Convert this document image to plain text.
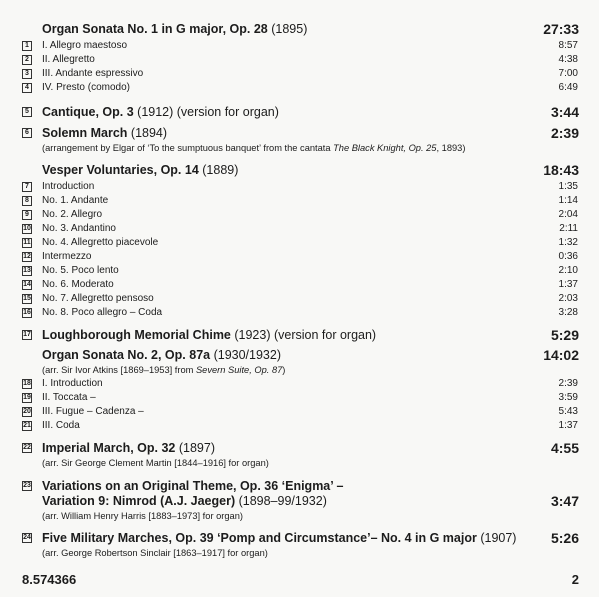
Organ Sonata No. 1 in G major, Op. 28 (1895)	27:33
1	I. Allegro maestoso	8:57
2	II. Allegretto	4:38
3	III. Andante espressivo	7:00
4	IV. Presto (comodo)	6:49
5 Cantique, Op. 3 (1912) (version for organ)	3:44
6 Solemn March (1894)	2:39
(arrangement by Elgar of ‘To the sumptuous banquet’ from the cantata The Black Knight, Op. 25, 1893)
Vesper Voluntaries, Op. 14 (1889)	18:43
7	Introduction	1:35
8	No. 1. Andante	1:14
9	No. 2. Allegro	2:04
10 No. 3. Andantino	2:11
11 No. 4. Allegretto piacevole	1:32
12 Intermezzo	0:36
13 No. 5. Poco lento	2:10
14 No. 6. Moderato	1:37
15 No. 7. Allegretto pensoso	2:03
16 No. 8. Poco allegro – Coda	3:28
17 Loughborough Memorial Chime (1923) (version for organ)	5:29
Organ Sonata No. 2, Op. 87a (1930/1932)	14:02
(arr. Sir Ivor Atkins [1869–1953] from Severn Suite, Op. 87)
18 I. Introduction	2:39
19 II. Toccata –	3:59
20 III. Fugue – Cadenza –	5:43
21 III. Coda	1:37
22 Imperial March, Op. 32 (1897)	4:55
(arr. Sir George Clement Martin [1844–1916] for organ)
23 Variations on an Original Theme, Op. 36 ‘Enigma’ –
Variation 9: Nimrod (A.J. Jaeger) (1898–99/1932)	3:47
(arr. William Henry Harris [1883–1973] for organ)
24 Five Military Marches, Op. 39 ‘Pomp and Circumstance’– No. 4 in G major (1907) 5:26
(arr. George Robertson Sinclair [1863–1917] for organ)
8.574366	2
